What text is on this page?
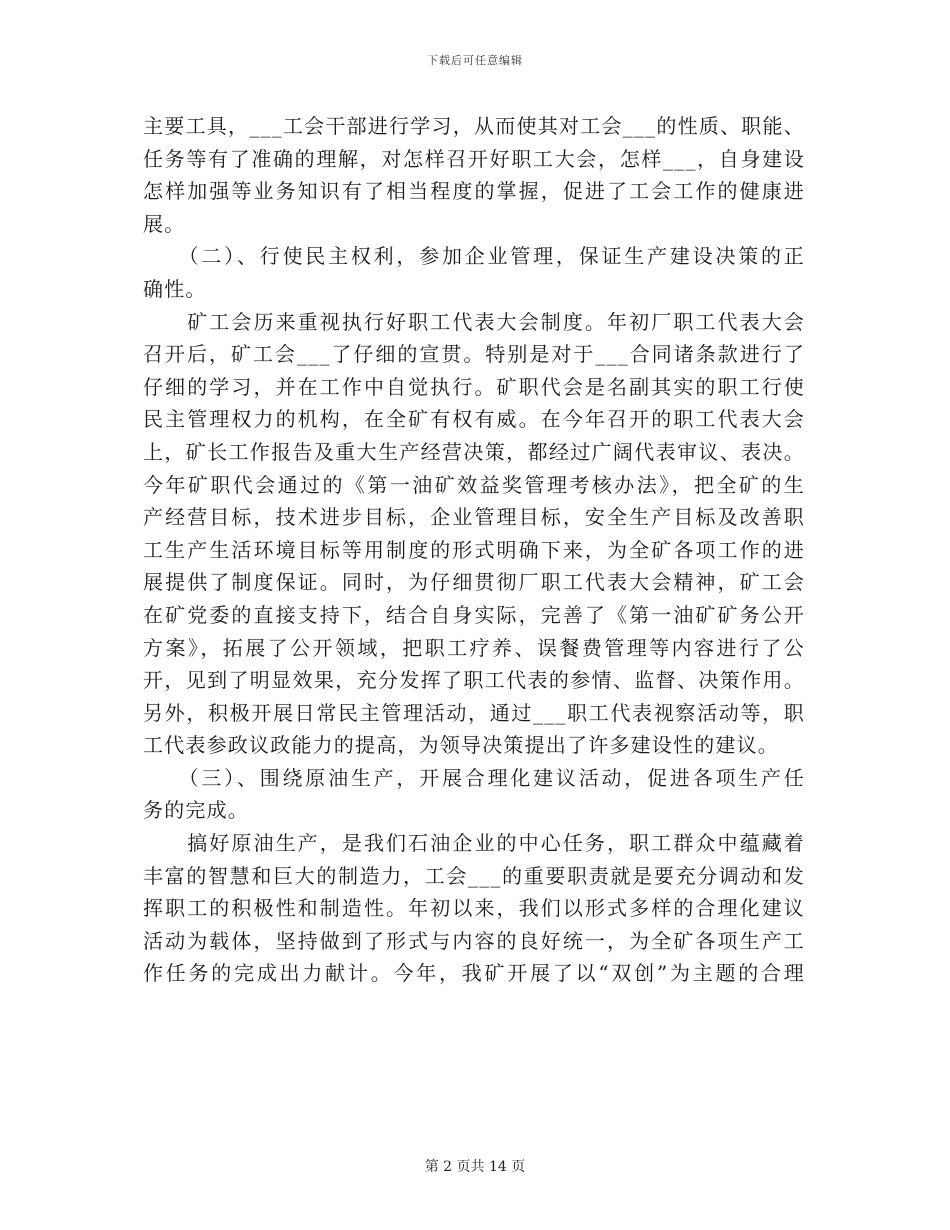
下载后可任意编辑
主要工具，___工会干部进行学习，从而使其对工会___的性质、职能、
任务等有了准确的理解，对怎样召开好职工大会，怎样___，自身建设
怎样加强等业务知识有了相当程度的掌握，促进了工会工作的健康进
展。
　　（二）、行使民主权利，参加企业管理，保证生产建设决策的正
确性。
　　矿工会历来重视执行好职工代表大会制度。年初厂职工代表大会
召开后，矿工会___了仔细的宣贯。特别是对于___合同诸条款进行了
仔细的学习，并在工作中自觉执行。矿职代会是名副其实的职工行使
民主管理权力的机构，在全矿有权有威。在今年召开的职工代表大会
上，矿长工作报告及重大生产经营决策，都经过广阔代表审议、表决。
今年矿职代会通过的《第一油矿效益奖管理考核办法》，把全矿的生
产经营目标，技术进步目标，企业管理目标，安全生产目标及改善职
工生产生活环境目标等用制度的形式明确下来，为全矿各项工作的进
展提供了制度保证。同时，为仔细贯彻厂职工代表大会精神，矿工会
在矿党委的直接支持下，结合自身实际，完善了《第一油矿矿务公开
方案》，拓展了公开领域，把职工疗养、误餐费管理等内容进行了公
开，见到了明显效果，充分发挥了职工代表的参情、监督、决策作用。
另外，积极开展日常民主管理活动，通过___职工代表视察活动等，职
工代表参政议政能力的提高，为领导决策提出了许多建设性的建议。
　　（三）、围绕原油生产，开展合理化建议活动，促进各项生产任
务的完成。
　　搞好原油生产，是我们石油企业的中心任务，职工群众中蕴藏着
丰富的智慧和巨大的制造力，工会___的重要职责就是要充分调动和发
挥职工的积极性和制造性。年初以来，我们以形式多样的合理化建议
活动为载体，坚持做到了形式与内容的良好统一，为全矿各项生产工
作任务的完成出力献计。今年，我矿开展了以“双创”为主题的合理
第 2 页共 14 页
